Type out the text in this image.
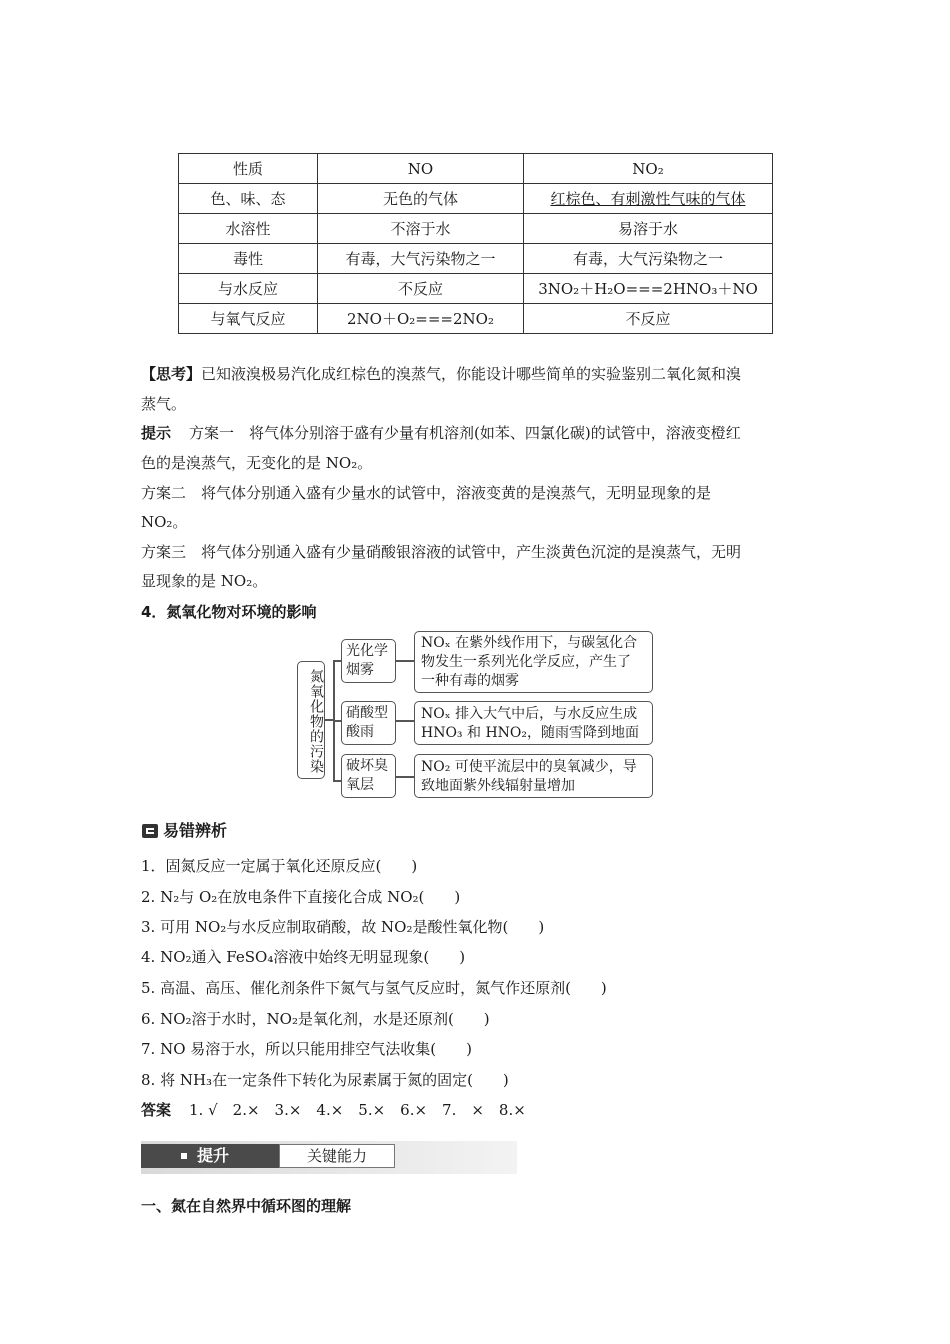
性质	NO	NO₂
色、味、态	无色的气体	红棕色、有刺激性气味的气体
水溶性	不溶于水	易溶于水
毒性	有毒，大气污染物之一	有毒，大气污染物之一
与水反应	不反应	3NO₂＋H₂O===2HNO₃＋NO
与氧气反应	2NO＋O₂===2NO₂	不反应
【思考】已知液溴极易汽化成红棕色的溴蒸气，你能设计哪些简单的实验鉴别二氧化氮和溴
蒸气。
提示 方案一　将气体分别溶于盛有少量有机溶剂(如苯、四氯化碳)的试管中，溶液变橙红
色的是溴蒸气，无变化的是 NO₂。
方案二　将气体分别通入盛有少量水的试管中，溶液变黄的是溴蒸气，无明显现象的是
NO₂。
方案三　将气体分别通入盛有少量硝酸银溶液的试管中，产生淡黄色沉淀的是溴蒸气，无明
显现象的是 NO₂。
4．氮氧化物对环境的影响
氮氧化物的污染
光化学烟雾
硝酸型酸雨
破坏臭氧层
NOₓ 在紫外线作用下，与碳氢化合
物发生一系列光化学反应，产生了
一种有毒的烟雾
NOₓ 排入大气中后，与水反应生成
HNO₃ 和 HNO₂，随雨雪降到地面
NO₂ 可使平流层中的臭氧减少，导
致地面紫外线辐射量增加
易错辨析
1．固氮反应一定属于氧化还原反应(　　)
2. N₂与 O₂在放电条件下直接化合成 NO₂(　　)
3. 可用 NO₂与水反应制取硝酸，故 NO₂是酸性氧化物(　　)
4. NO₂通入 FeSO₄溶液中始终无明显现象(　　)
5. 高温、高压、催化剂条件下氮气与氢气反应时，氮气作还原剂(　　)
6. NO₂溶于水时，NO₂是氧化剂，水是还原剂(　　)
7. NO 易溶于水，所以只能用排空气法收集(　　)
8. 将 NH₃在一定条件下转化为尿素属于氮的固定(　　)
答案 1. √　2.×　3.×　4.×　5.×　6.×　7.　×　8.×
提升	关键能力
一、氮在自然界中循环图的理解
